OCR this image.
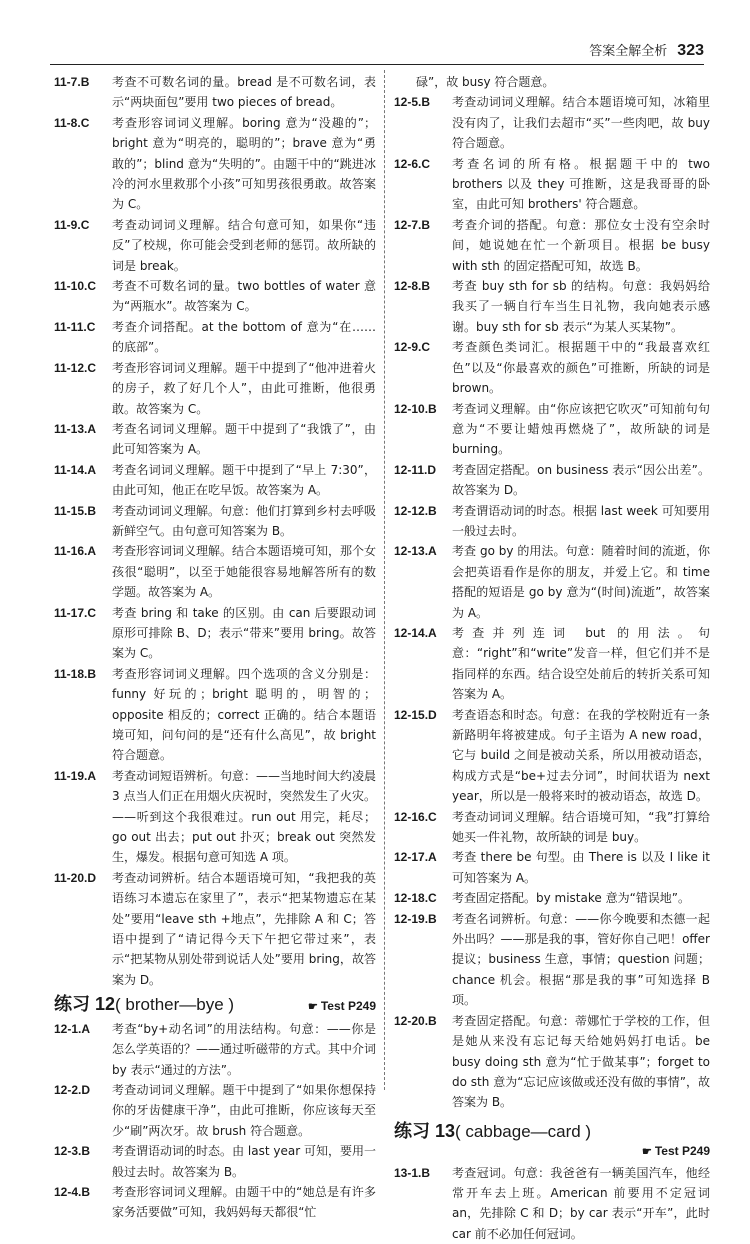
答案全解全析 323
11-7.B 考查不可数名词的量。bread 是不可数名词，表示“两块面包”要用 two pieces of bread。
11-8.C 考查形容词词义理解。boring 意为“没趣的”；bright 意为“明亮的，聪明的”；brave 意为“勇敢的”；blind 意为“失明的”。由题干中的“跳进冰冷的河水里救那个小孩”可知男孩很勇敢。故答案为 C。
11-9.C 考查动词词义理解。结合句意可知，如果你“违反”了校规，你可能会受到老师的惩罚。故所缺的词是 break。
11-10.C 考查不可数名词的量。two bottles of water 意为“两瓶水”。故答案为 C。
11-11.C 考查介词搭配。at the bottom of 意为“在……的底部”。
11-12.C 考查形容词词义理解。题干中提到了“他冲进着火的房子，救了好几个人”，由此可推断，他很勇敢。故答案为 C。
11-13.A 考查名词词义理解。题干中提到了“我饿了”，由此可知答案为 A。
11-14.A 考查名词词义理解。题干中提到了“早上 7:30”，由此可知，他正在吃早饭。故答案为 A。
11-15.B 考查动词词义理解。句意：他们打算到乡村去呼吸新鲜空气。由句意可知答案为 B。
11-16.A 考查形容词词义理解。结合本题语境可知，那个女孩很“聪明”，以至于她能很容易地解答所有的数学题。故答案为 A。
11-17.C 考查 bring 和 take 的区别。由 can 后要跟动词原形可排除 B、D；表示“带来”要用 bring。故答案为 C。
11-18.B 考查形容词词义理解。四个选项的含义分别是：funny 好玩的；bright 聪明的，明智的；opposite 相反的；correct 正确的。结合本题语境可知，问句问的是“还有什么高见”，故 bright 符合题意。
11-19.A 考查动词短语辨析。句意：——当地时间大约凌晨 3 点当人们正在用烟火庆祝时，突然发生了火灾。——听到这个我很难过。run out 用完，耗尽；go out 出去；put out 扑灭；break out 突然发生，爆发。根据句意可知选 A 项。
11-20.D 考查动词辨析。结合本题语境可知，“我把我的英语练习本遗忘在家里了”，表示“把某物遗忘在某处”要用“leave sth +地点”，先排除 A 和 C；答语中提到了“请记得今天下午把它带过来”，表示“把某物从别处带到说话人处”要用 bring，故答案为 D。
练习 12( brother—bye )	☛ Test P249
12-1.A 考查“by+动名词”的用法结构。句意：——你是怎么学英语的？——通过听磁带的方式。其中介词 by 表示“通过的方法”。
12-2.D 考查动词词义理解。题干中提到了“如果你想保持你的牙齿健康干净”，由此可推断，你应该每天至少“刷”两次牙。故 brush 符合题意。
12-3.B 考查谓语动词的时态。由 last year 可知，要用一般过去时。故答案为 B。
12-4.B 考查形容词词义理解。由题干中的“她总是有许多家务活要做”可知，我妈妈每天都很“忙
碌”，故 busy 符合题意。
12-5.B 考查动词词义理解。结合本题语境可知，冰箱里没有肉了，让我们去超市“买”一些肉吧，故 buy 符合题意。
12-6.C 考查名词的所有格。根据题干中的 two brothers 以及 they 可推断，这是我哥哥的卧室，由此可知 brothers' 符合题意。
12-7.B 考查介词的搭配。句意：那位女士没有空余时间，她说她在忙一个新项目。根据 be busy with sth 的固定搭配可知，故选 B。
12-8.B 考查 buy sth for sb 的结构。句意：我妈妈给我买了一辆自行车当生日礼物，我向她表示感谢。buy sth for sb 表示“为某人买某物”。
12-9.C 考查颜色类词汇。根据题干中的“我最喜欢红色”以及“你最喜欢的颜色”可推断，所缺的词是 brown。
12-10.B 考查词义理解。由“你应该把它吹灭”可知前句句意为“不要让蜡烛再燃烧了”，故所缺的词是 burning。
12-11.D 考查固定搭配。on business 表示“因公出差”。故答案为 D。
12-12.B 考查谓语动词的时态。根据 last week 可知要用一般过去时。
12-13.A 考查 go by 的用法。句意：随着时间的流逝，你会把英语看作是你的朋友，并爱上它。和 time 搭配的短语是 go by 意为“(时间)流逝”，故答案为 A。
12-14.A 考查并列连词 but 的用法。句意：“right”和“write”发音一样，但它们并不是指同样的东西。结合设空处前后的转折关系可知答案为 A。
12-15.D 考查语态和时态。句意：在我的学校附近有一条新路明年将被建成。句子主语为 A new road，它与 build 之间是被动关系，所以用被动语态，构成方式是“be+过去分词”，时间状语为 next year，所以是一般将来时的被动语态，故选 D。
12-16.C 考查动词词义理解。结合语境可知，“我”打算给她买一件礼物，故所缺的词是 buy。
12-17.A 考查 there be 句型。由 There is 以及 I like it 可知答案为 A。
12-18.C 考查固定搭配。by mistake 意为“错误地”。
12-19.B 考查名词辨析。句意：——你今晚要和杰德一起外出吗？——那是我的事，管好你自己吧！offer 提议；business 生意，事情；question 问题；chance 机会。根据“那是我的事”可知选择 B 项。
12-20.B 考查固定搭配。句意：蒂娜忙于学校的工作，但是她从来没有忘记每天给她妈妈打电话。be busy doing sth 意为“忙于做某事”；forget to do sth 意为“忘记应该做或还没有做的事情”，故答案为 B。
练习 13( cabbage—card )
☛ Test P249
13-1.B 考查冠词。句意：我爸爸有一辆美国汽车，他经常开车去上班。American 前要用不定冠词 an，先排除 C 和 D；by car 表示“开车”，此时 car 前不必加任何冠词。
